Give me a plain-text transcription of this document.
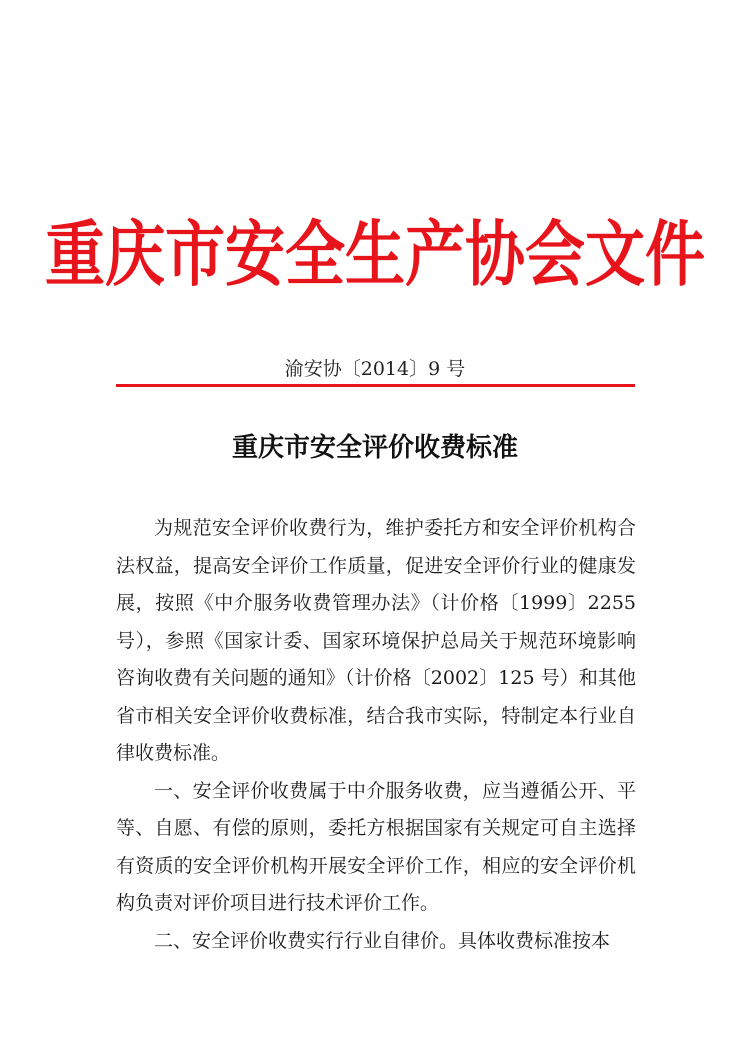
重庆市安全生产协会文件
渝安协〔2014〕9 号
重庆市安全评价收费标准

为规范安全评价收费行为，维护委托方和安全评价机构合法权益，提高安全评价工作质量，促进安全评价行业的健康发展，按照《中介服务收费管理办法》（计价格〔1999〕2255 号），参照《国家计委、国家环境保护总局关于规范环境影响咨询收费有关问题的通知》（计价格〔2002〕125 号）和其他省市相关安全评价收费标准，结合我市实际，特制定本行业自律收费标准。

一、安全评价收费属于中介服务收费，应当遵循公开、平等、自愿、有偿的原则，委托方根据国家有关规定可自主选择有资质的安全评价机构开展安全评价工作，相应的安全评价机构负责对评价项目进行技术评价工作。

二、安全评价收费实行行业自律价。具体收费标准按本
